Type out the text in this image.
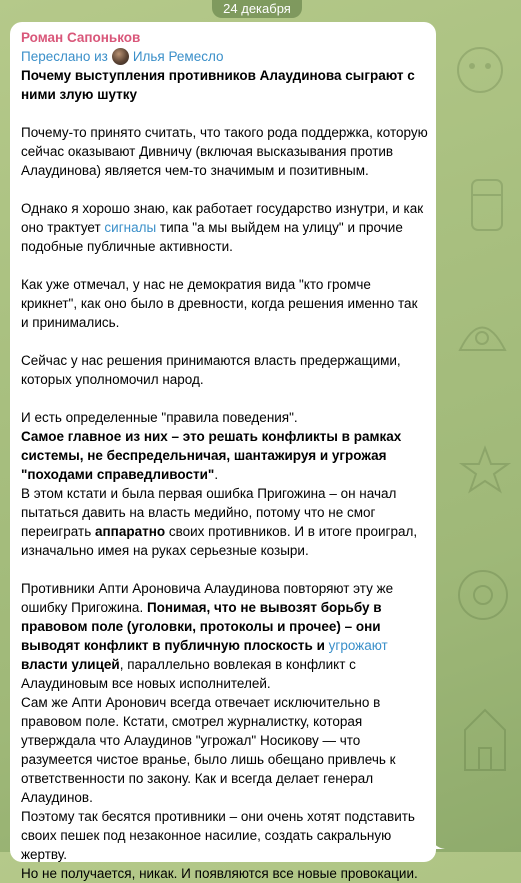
24 декабря
Роман Сапоньков
Переслано из Илья Ремесло
Почему выступления противников Алаудинова сыграют с ними злую шутку

Почему-то принято считать, что такого рода поддержка, которую сейчас оказывают Дивничу (включая высказывания против Алаудинова) является чем-то значимым и позитивным.

Однако я хорошо знаю, как работает государство изнутри, и как оно трактует сигналы типа "а мы выйдем на улицу" и прочие подобные публичные активности.

Как уже отмечал, у нас не демократия вида "кто громче крикнет", как оно было в древности, когда решения именно так и принимались.

Сейчас у нас решения принимаются власть предержащими, которых уполномочил народ.

И есть определенные "правила поведения".

Самое главное из них – это решать конфликты в рамках системы, не беспредельничая, шантажируя и угрожая "походами справедливости".

В этом кстати и была первая ошибка Пригожина – он начал пытаться давить на власть медийно, потому что не смог переиграть аппаратно своих противников. И в итоге проиграл, изначально имея на руках серьезные козыри.

Противники Апти Ароновича Алаудинова повторяют эту же ошибку Пригожина. Понимая, что не вывозят борьбу в правовом поле (уголовки, протоколы и прочее) – они выводят конфликт в публичную плоскость и угрожают власти улицей, параллельно вовлекая в конфликт с Алаудиновым все новых исполнителей.

Сам же Апти Аронович всегда отвечает исключительно в правовом поле. Кстати, смотрел журналистку, которая утверждала что Алаудинов "угрожал" Носикову — что разумеется чистое вранье, было лишь обещано привлечь к ответственности по закону. Как и всегда делает генерал Алаудинов.

Поэтому так бесятся противники – они очень хотят подставить своих пешек под незаконное насилие, создать сакральную жертву.

Но не получается, никак. И появляются все новые провокации.
